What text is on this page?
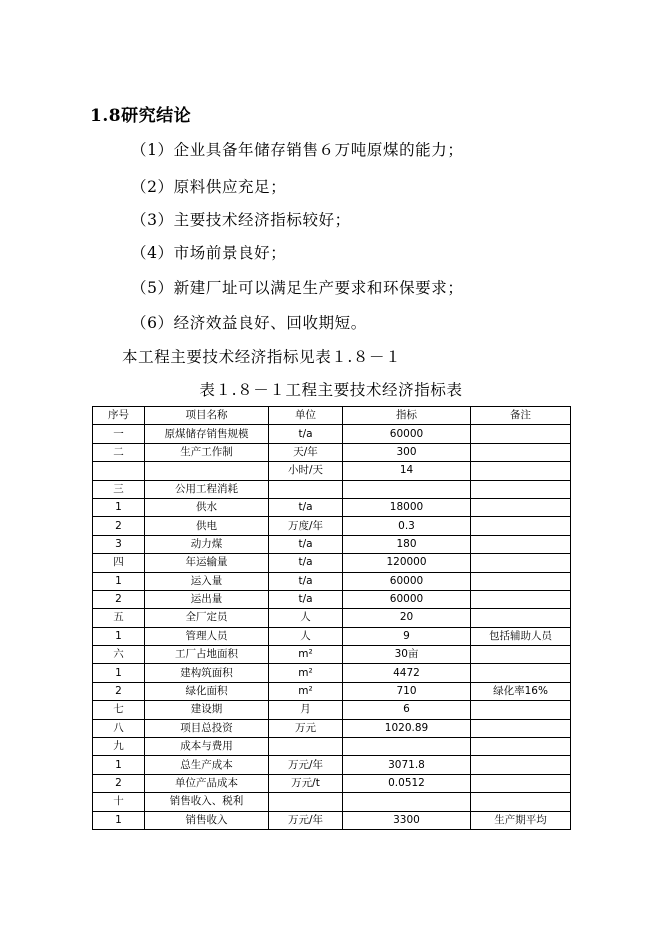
1.8研究结论
（1）企业具备年储存销售６万吨原煤的能力；
（2）原料供应充足；
（3）主要技术经济指标较好；
（4）市场前景良好；
（5）新建厂址可以满足生产要求和环保要求；
（6）经济效益良好、回收期短。
本工程主要技术经济指标见表１.８－１
表１.８－１工程主要技术经济指标表
序号	项目名称	单位	指标	备注
一	原煤储存销售规模	t/a	60000	
二	生产工作制	天/年	300	
		小时/天	14	
三	公用工程消耗			
1	供水	t/a	18000	
2	供电	万度/年	0.3	
3	动力煤	t/a	180	
四	年运输量	t/a	120000	
1	运入量	t/a	60000	
2	运出量	t/a	60000	
五	全厂定员	人	20	
1	管理人员	人	9	包括辅助人员
六	工厂占地面积	m²	30亩	
1	建构筑面积	m²	4472	
2	绿化面积	m²	710	绿化率16%
七	建设期	月	6	
八	项目总投资	万元	1020.89	
九	成本与费用			
1	总生产成本	万元/年	3071.8	
2	单位产品成本	万元/t	0.0512	
十	销售收入、税利			
1	销售收入	万元/年	3300	生产期平均
